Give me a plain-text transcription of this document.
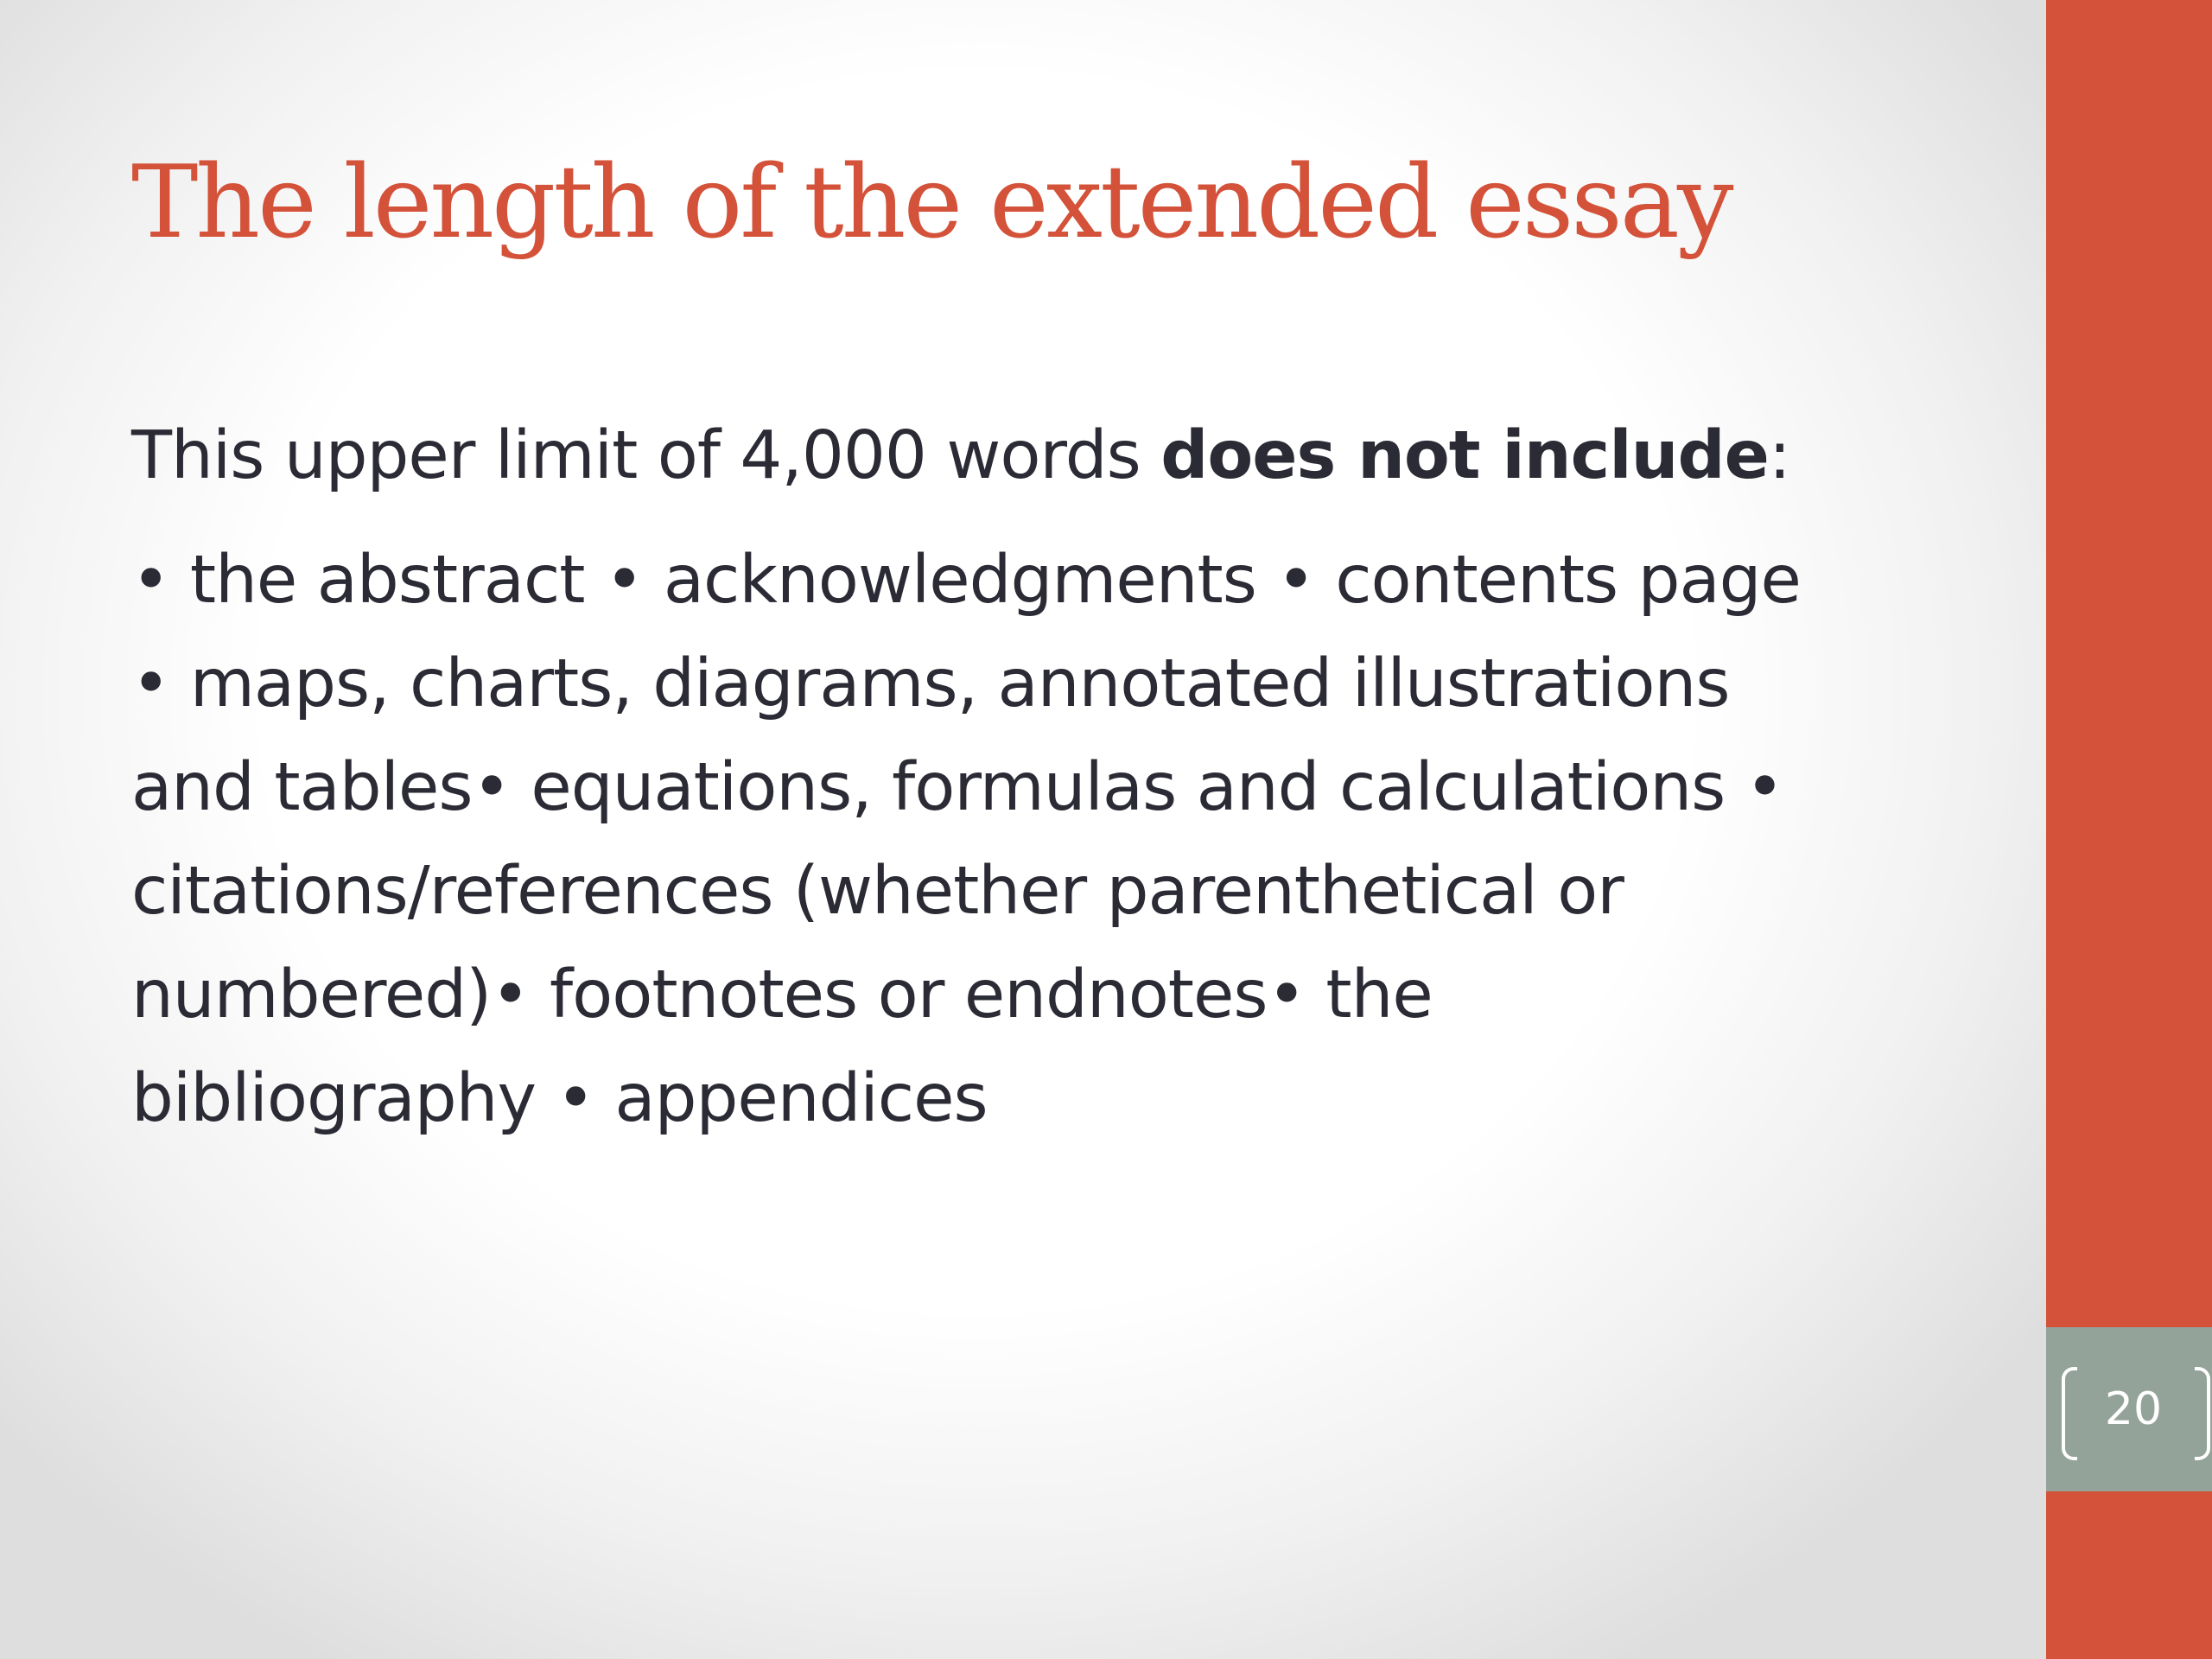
20
The length of the extended essay

This upper limit of 4,000 words does not include:

• the abstract • acknowledgments • contents page

• maps, charts, diagrams, annotated illustrations

and tables• equations, formulas and calculations •

citations/references (whether parenthetical or

numbered)• footnotes or endnotes• the

bibliography • appendices
